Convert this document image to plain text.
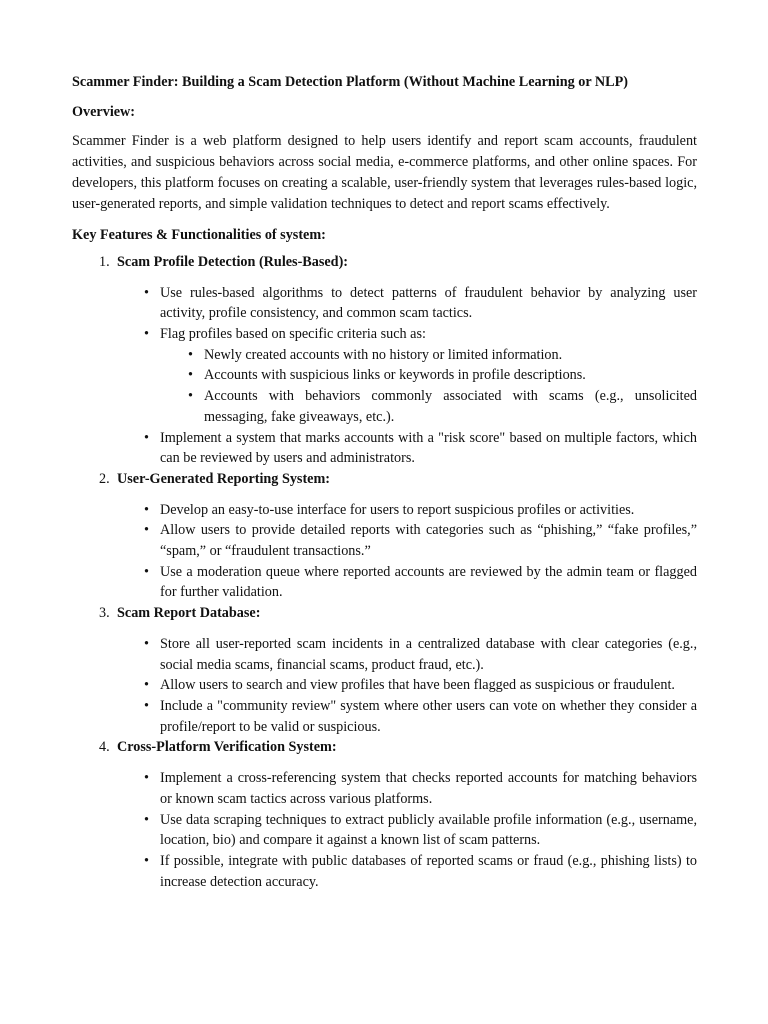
Scammer Finder: Building a Scam Detection Platform (Without Machine Learning or NLP)
Overview:
Scammer Finder is a web platform designed to help users identify and report scam accounts, fraudulent activities, and suspicious behaviors across social media, e-commerce platforms, and other online spaces. For developers, this platform focuses on creating a scalable, user-friendly system that leverages rules-based logic, user-generated reports, and simple validation techniques to detect and report scams effectively.
Key Features & Functionalities of system:
1. Scam Profile Detection (Rules-Based):
• Use rules-based algorithms to detect patterns of fraudulent behavior by analyzing user activity, profile consistency, and common scam tactics.
• Flag profiles based on specific criteria such as:
• Newly created accounts with no history or limited information.
• Accounts with suspicious links or keywords in profile descriptions.
• Accounts with behaviors commonly associated with scams (e.g., unsolicited messaging, fake giveaways, etc.).
• Implement a system that marks accounts with a "risk score" based on multiple factors, which can be reviewed by users and administrators.
2. User-Generated Reporting System:
• Develop an easy-to-use interface for users to report suspicious profiles or activities.
• Allow users to provide detailed reports with categories such as “phishing,” “fake profiles,” “spam,” or “fraudulent transactions.”
• Use a moderation queue where reported accounts are reviewed by the admin team or flagged for further validation.
3. Scam Report Database:
• Store all user-reported scam incidents in a centralized database with clear categories (e.g., social media scams, financial scams, product fraud, etc.).
• Allow users to search and view profiles that have been flagged as suspicious or fraudulent.
• Include a "community review" system where other users can vote on whether they consider a profile/report to be valid or suspicious.
4. Cross-Platform Verification System:
• Implement a cross-referencing system that checks reported accounts for matching behaviors or known scam tactics across various platforms.
• Use data scraping techniques to extract publicly available profile information (e.g., username, location, bio) and compare it against a known list of scam patterns.
• If possible, integrate with public databases of reported scams or fraud (e.g., phishing lists) to increase detection accuracy.
